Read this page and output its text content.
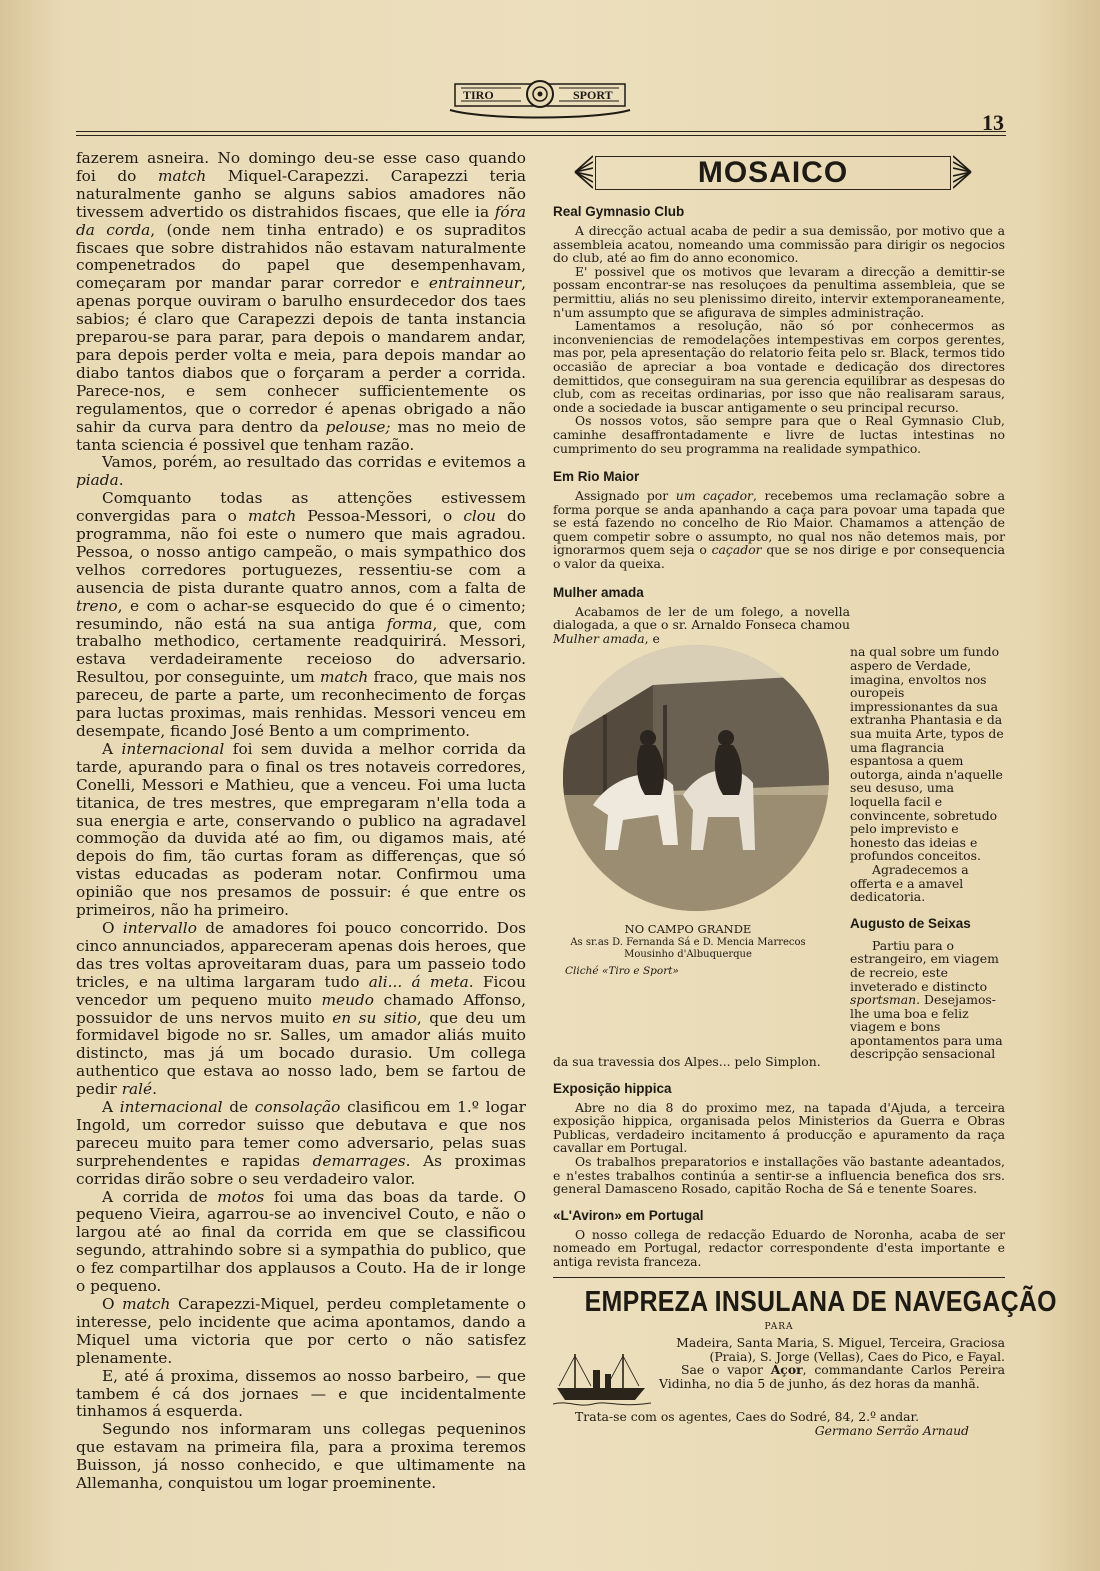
TIRO	SPORT
13

fazerem asneira. No domingo deu-se esse caso quando foi do match Miquel-Carapezzi. Carapezzi teria naturalmente ganho se alguns sabios amadores não tivessem advertido os distrahidos fiscaes, que elle ia fóra da corda, (onde nem tinha entrado) e os supraditos fiscaes que sobre distrahidos não estavam naturalmente compenetrados do papel que desempenhavam, começaram por mandar parar corredor e entrainneur, apenas porque ouviram o barulho ensurdecedor dos taes sabios; é claro que Carapezzi depois de tanta instancia preparou-se para parar, para depois o mandarem andar, para depois perder volta e meia, para depois mandar ao diabo tantos diabos que o forçaram a perder a corrida. Parece-nos, e sem conhecer sufficientemente os regulamentos, que o corredor é apenas obrigado a não sahir da curva para dentro da pelouse; mas no meio de tanta sciencia é possivel que tenham razão.

Vamos, porém, ao resultado das corridas e evitemos a piada.

Comquanto todas as attenções estivessem convergidas para o match Pessoa-Messori, o clou do programma, não foi este o numero que mais agradou. Pessoa, o nosso antigo campeão, o mais sympathico dos velhos corredores portuguezes, ressentiu-se com a ausencia de pista durante quatro annos, com a falta de treno, e com o achar-se esquecido do que é o cimento; resumindo, não está na sua antiga forma, que, com trabalho methodico, certamente readquirirá. Messori, estava verdadeiramente receioso do adversario. Resultou, por conseguinte, um match fraco, que mais nos pareceu, de parte a parte, um reconhecimento de forças para luctas proximas, mais renhidas. Messori venceu em desempate, ficando José Bento a um comprimento.

A internacional foi sem duvida a melhor corrida da tarde, apurando para o final os tres notaveis corredores, Conelli, Messori e Mathieu, que a venceu. Foi uma lucta titanica, de tres mestres, que empregaram n'ella toda a sua energia e arte, conservando o publico na agradavel commoção da duvida até ao fim, ou digamos mais, até depois do fim, tão curtas foram as differenças, que só vistas educadas as poderam notar. Confirmou uma opinião que nos presamos de possuir: é que entre os primeiros, não ha primeiro.

O intervallo de amadores foi pouco concorrido. Dos cinco annunciados, appareceram apenas dois heroes, que das tres voltas aproveitaram duas, para um passeio todo tricles, e na ultima largaram tudo ali... á meta. Ficou vencedor um pequeno muito meudo chamado Affonso, possuidor de uns nervos muito en su sitio, que deu um formidavel bigode no sr. Salles, um amador aliás muito distincto, mas já um bocado durasio. Um collega authentico que estava ao nosso lado, bem se fartou de pedir ralé.

A internacional de consolação clasificou em 1.º logar Ingold, um corredor suisso que debutava e que nos pareceu muito para temer como adversario, pelas suas surprehendentes e rapidas demarrages. As proximas corridas dirão sobre o seu verdadeiro valor.

A corrida de motos foi uma das boas da tarde. O pequeno Vieira, agarrou-se ao invencivel Couto, e não o largou até ao final da corrida em que se classificou segundo, attrahindo sobre si a sympathia do publico, que o fez compartilhar dos applausos a Couto. Ha de ir longe o pequeno.

O match Carapezzi-Miquel, perdeu completamente o interesse, pelo incidente que acima apontamos, dando a Miquel uma victoria que por certo o não satisfez plenamente.

E, até á proxima, dissemos ao nosso barbeiro, — que tambem é cá dos jornaes — e que incidentalmente tinhamos á esquerda.

Segundo nos informaram uns collegas pequeninos que estavam na primeira fila, para a proxima teremos Buisson, já nosso conhecido, e que ultimamente na Allemanha, conquistou um logar proeminente.

MOSAICO
Real Gymnasio Club

A direcção actual acaba de pedir a sua demissão, por motivo que a assembleia acatou, nomeando uma commissão para dirigir os negocios do club, até ao fim do anno economico.

E' possivel que os motivos que levaram a direcção a demittir-se possam encontrar-se nas resoluçoes da penultima assembleia, que se permittiu, aliás no seu plenissimo direito, intervir extemporaneamente, n'um assumpto que se afigurava de simples administração.

Lamentamos a resolução, não só por conhecermos as inconveniencias de remodelações intempestivas em corpos gerentes, mas por, pela apresentação do relatorio feita pelo sr. Black, termos tido occasião de apreciar a boa vontade e dedicação dos directores demittidos, que conseguiram na sua gerencia equilibrar as despesas do club, com as receitas ordinarias, por isso que não realisaram saraus, onde a sociedade ia buscar antigamente o seu principal recurso.

Os nossos votos, são sempre para que o Real Gymnasio Club, caminhe desaffrontadamente e livre de luctas intestinas no cumprimento do seu programma na realidade sympathico.

Em Rio Maior

Assignado por um caçador, recebemos uma reclamação sobre a forma porque se anda apanhando a caça para povoar uma tapada que se está fazendo no concelho de Rio Maior. Chamamos a attenção de quem competir sobre o assumpto, no qual nos não detemos mais, por ignorarmos quem seja o caçador que se nos dirige e por consequencia o valor da queixa.

Mulher amada

Acabamos de ler de um folego, a novella dialogada, a que o sr. Arnaldo Fonseca chamou Mulher amada, e

na qual sobre um fundo aspero de Verdade, imagina, envoltos nos ouropeis impressionantes da sua extranha Phantasia e da sua muita Arte, typos de uma flagrancia espantosa a quem outorga, ainda n'aquelle seu desuso, uma loquella facil e convincente, sobretudo pelo imprevisto e honesto das ideias e profundos conceitos.
Agradecemos a offerta e a amavel dedicatoria.
Augusto de Seixas
Partiu para o estrangeiro, em viagem de recreio, este inveterado e distincto sportsman. Desejamos-lhe uma boa e feliz viagem e bons apontamentos para uma descripção sensacional
NO CAMPO GRANDE
As sr.as D. Fernanda Sá e D. Mencia Marrecos
Mousinho d'Albuquerque
Cliché «Tiro e Sport»
da sua travessia dos Alpes... pelo Simplon.
Exposição hippica

Abre no dia 8 do proximo mez, na tapada d'Ajuda, a terceira exposição hippica, organisada pelos Ministerios da Guerra e Obras Publicas, verdadeiro incitamento á producção e apuramento da raça cavallar em Portugal.

Os trabalhos preparatorios e installações vão bastante adeantados, e n'estes trabalhos continúa a sentir-se a influencia benefica dos srs. general Damasceno Rosado, capitão Rocha de Sá e tenente Soares.

«L'Aviron» em Portugal

O nosso collega de redacção Eduardo de Noronha, acaba de ser nomeado em Portugal, redactor correspondente d'esta importante e antiga revista franceza.

EMPREZA INSULANA DE NAVEGAÇÃO
PARA
Madeira, Santa Maria, S. Miguel, Terceira, Graciosa (Praia), S. Jorge (Vellas), Caes do Pico, e Fayal.
Sae o vapor Açor, commandante Carlos Pereira Vidinha, no dia 5 de junho, ás dez horas da manhã.
Trata-se com os agentes, Caes do Sodré, 84, 2.º andar.
Germano Serrão Arnaud
